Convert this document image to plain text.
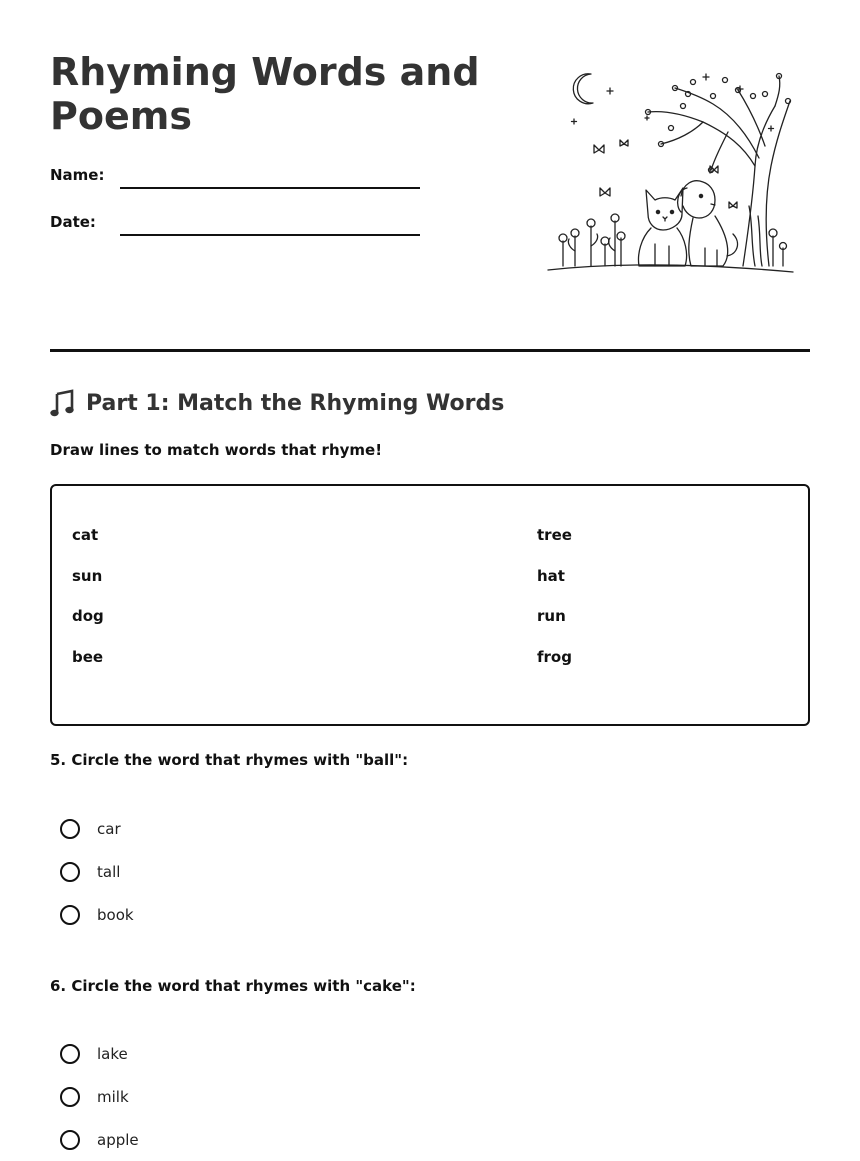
Rhyming Words and Poems
Name:
Date:
Part 1: Match the Rhyming Words
Draw lines to match words that rhyme!
cat
sun
dog
bee
tree
hat
run
frog
5. Circle the word that rhymes with "ball":
car
tall
book
6. Circle the word that rhymes with "cake":
lake
milk
apple
